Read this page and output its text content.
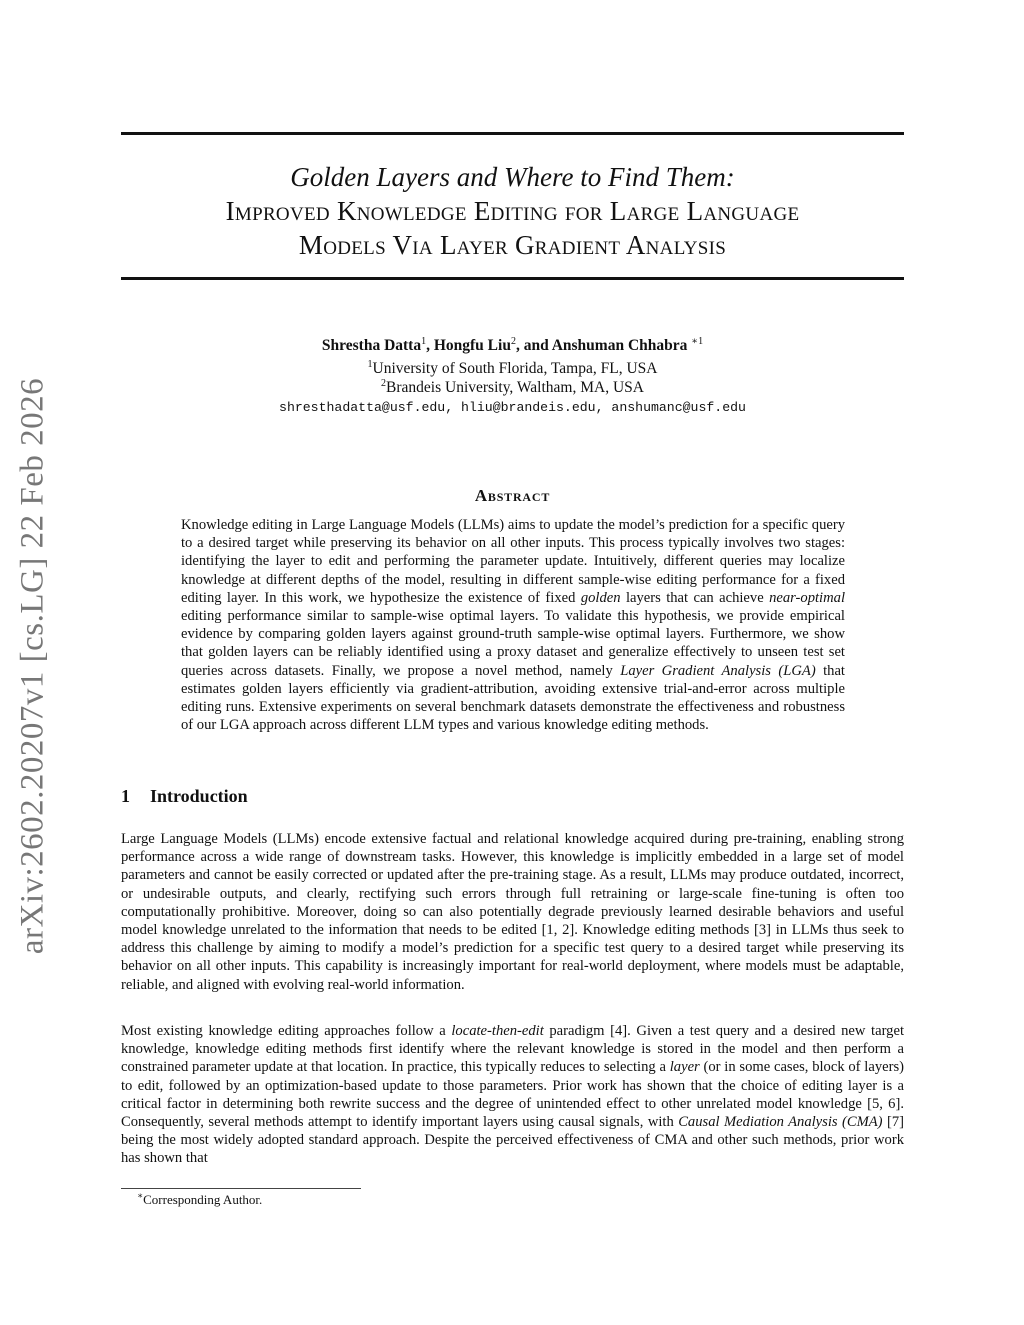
Golden Layers and Where to Find Them:
Improved Knowledge Editing for Large Language
Models Via Layer Gradient Analysis
Shrestha Datta$^1$, Hongfu Liu$^2$, and Anshuman Chhabra $^{∗1}$
$^1$University of South Florida, Tampa, FL, USA
$^2$Brandeis University, Waltham, MA, USA
shresthadatta@usf.edu, hliu@brandeis.edu, anshumanc@usf.edu
arXiv:2602.20207v1 [cs.LG] 22 Feb 2026	Abstract

Knowledge editing in Large Language Models (LLMs) aims to update the model’s prediction for a specific query to a desired target while preserving its behavior on all other inputs. This process typically involves two stages: identifying the layer to edit and performing the parameter update. Intuitively, different queries may localize knowledge at different depths of the model, resulting in different sample-wise editing performance for a fixed editing layer. In this work, we hypothesize the existence of fixed golden layers that can achieve near-optimal editing performance similar to sample-wise optimal layers. To validate this hypothesis, we provide empirical evidence by comparing golden layers against ground-truth sample-wise optimal layers. Furthermore, we show that golden layers can be reliably identified using a proxy dataset and generalize effectively to unseen test set queries across datasets. Finally, we propose a novel method, namely Layer Gradient Analysis (LGA) that estimates golden layers efficiently via gradient-attribution, avoiding extensive trial-and-error across multiple editing runs. Extensive experiments on several benchmark datasets demonstrate the effectiveness and robustness of our LGA approach across different LLM types and various knowledge editing methods.

1 Introduction

Large Language Models (LLMs) encode extensive factual and relational knowledge acquired during pre-training, enabling strong performance across a wide range of downstream tasks. However, this knowledge is implicitly embedded in a large set of model parameters and cannot be easily corrected or updated after the pre-training stage. As a result, LLMs may produce outdated, incorrect, or undesirable outputs, and clearly, rectifying such errors through full retraining or large-scale fine-tuning is often too computationally prohibitive. Moreover, doing so can also potentially degrade previously learned desirable behaviors and useful model knowledge unrelated to the information that needs to be edited [1, 2]. Knowledge editing methods [3] in LLMs thus seek to address this challenge by aiming to modify a model’s prediction for a specific test query to a desired target while preserving its behavior on all other inputs. This capability is increasingly important for real-world deployment, where models must be adaptable, reliable, and aligned with evolving real-world information.

Most existing knowledge editing approaches follow a locate-then-edit paradigm [4]. Given a test query and a desired new target knowledge, knowledge editing methods first identify where the relevant knowledge is stored in the model and then perform a constrained parameter update at that location. In practice, this typically reduces to selecting a layer (or in some cases, block of layers) to edit, followed by an optimization-based update to those parameters. Prior work has shown that the choice of editing layer is a critical factor in determining both rewrite success and the degree of unintended effect to other unrelated model knowledge [5, 6]. Consequently, several methods attempt to identify important layers using causal signals, with Causal Mediation Analysis (CMA) [7] being the most widely adopted standard approach. Despite the perceived effectiveness of CMA and other such methods, prior work has shown that

∗Corresponding Author.
